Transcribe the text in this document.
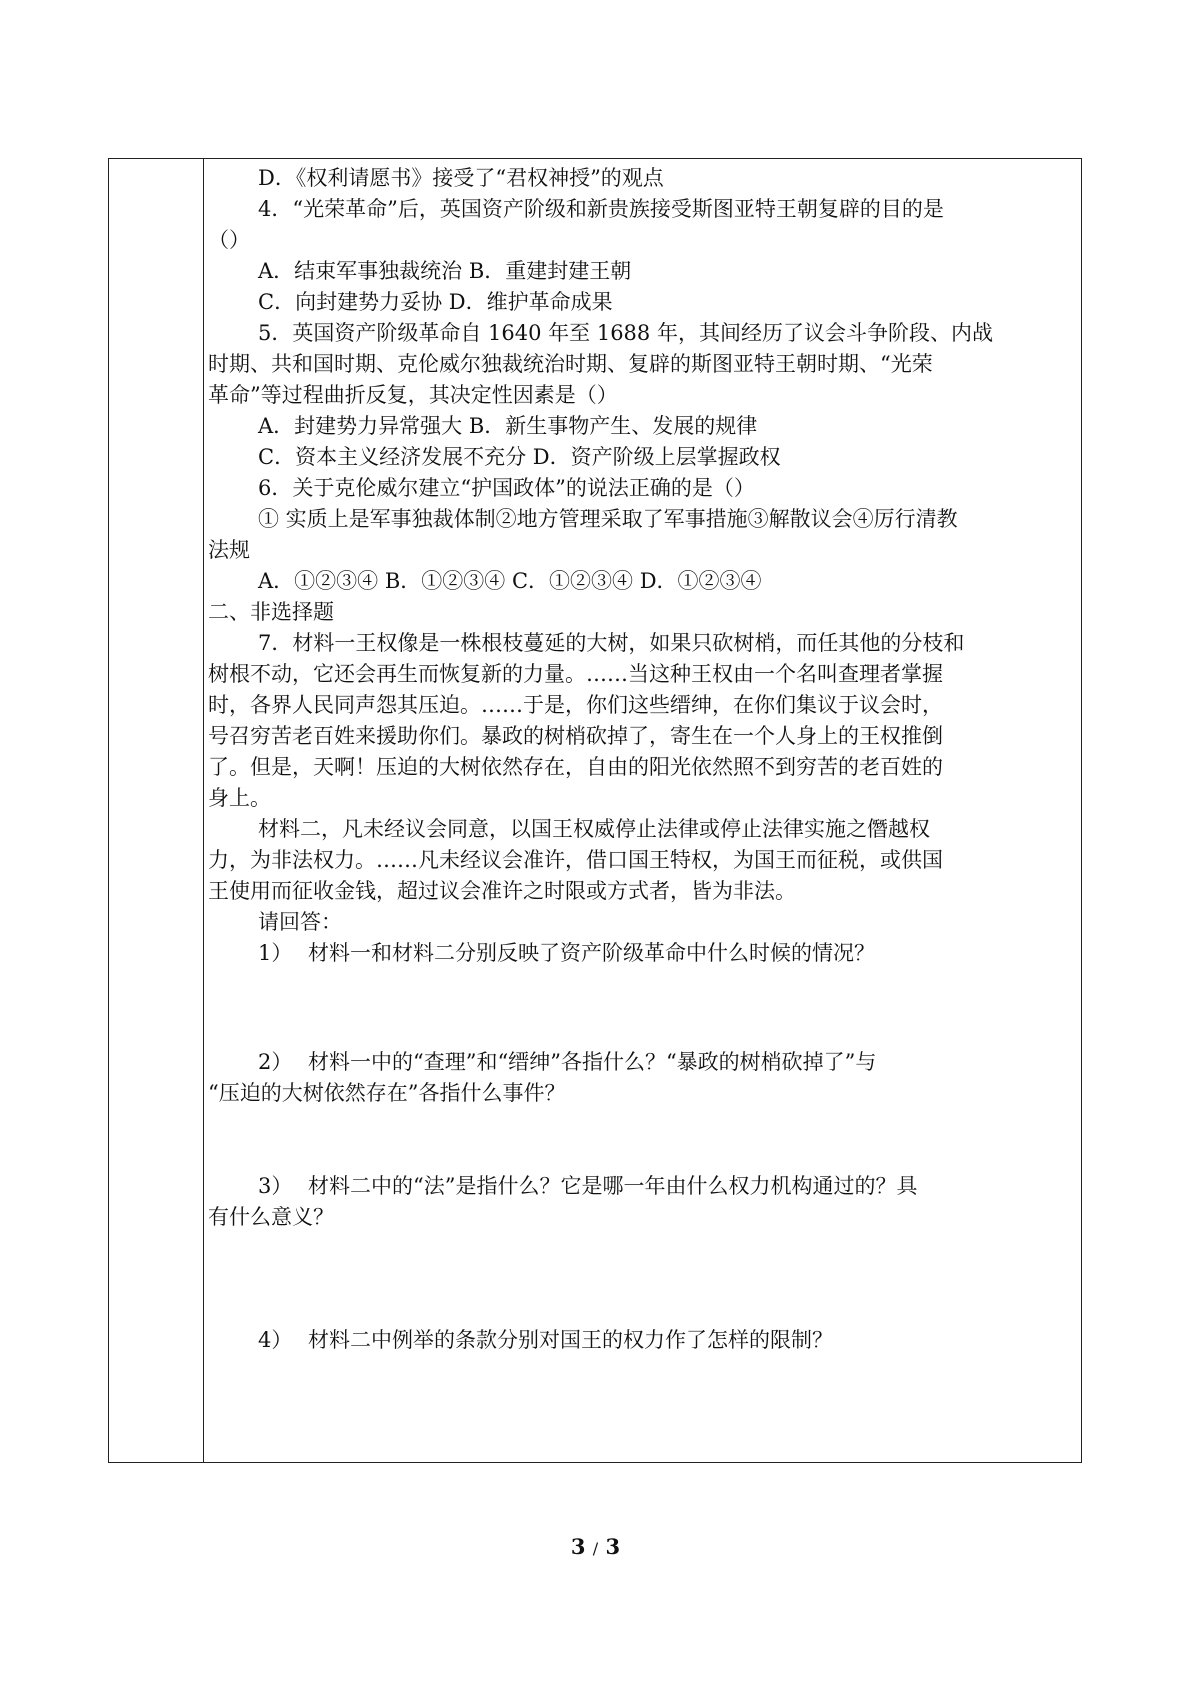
D．《权利请愿书》接受了“君权神授”的观点
4．“光荣革命”后，英国资产阶级和新贵族接受斯图亚特王朝复辟的目的是
（）
A．结束军事独裁统治 B．重建封建王朝
C．向封建势力妥协 D．维护革命成果
5．英国资产阶级革命自 1640 年至 1688 年，其间经历了议会斗争阶段、内战
时期、共和国时期、克伦威尔独裁统治时期、复辟的斯图亚特王朝时期、“光荣
革命”等过程曲折反复，其决定性因素是（）
A．封建势力异常强大 B．新生事物产生、发展的规律
C．资本主义经济发展不充分 D．资产阶级上层掌握政权
6．关于克伦威尔建立“护国政体”的说法正确的是（）
① 实质上是军事独裁体制②地方管理采取了军事措施③解散议会④厉行清教
法规
A．①②③④ B．①②③④ C．①②③④ D．①②③④
二、非选择题
7．材料一王权像是一株根枝蔓延的大树，如果只砍树梢，而任其他的分枝和
树根不动，它还会再生而恢复新的力量。……当这种王权由一个名叫查理者掌握
时，各界人民同声怨其压迫。……于是，你们这些缙绅，在你们集议于议会时，
号召穷苦老百姓来援助你们。暴政的树梢砍掉了，寄生在一个人身上的王权推倒
了。但是，天啊！压迫的大树依然存在，自由的阳光依然照不到穷苦的老百姓的
身上。
材料二，凡未经议会同意，以国王权威停止法律或停止法律实施之僭越权
力，为非法权力。……凡未经议会准许，借口国王特权，为国王而征税，或供国
王使用而征收金钱，超过议会准许之时限或方式者，皆为非法。
请回答：
1） 材料一和材料二分别反映了资产阶级革命中什么时候的情况？
2） 材料一中的“查理”和“缙绅”各指什么？“暴政的树梢砍掉了”与
“压迫的大树依然存在”各指什么事件？
3） 材料二中的“法”是指什么？它是哪一年由什么权力机构通过的？具
有什么意义？
4） 材料二中例举的条款分别对国王的权力作了怎样的限制？
3 / 3
